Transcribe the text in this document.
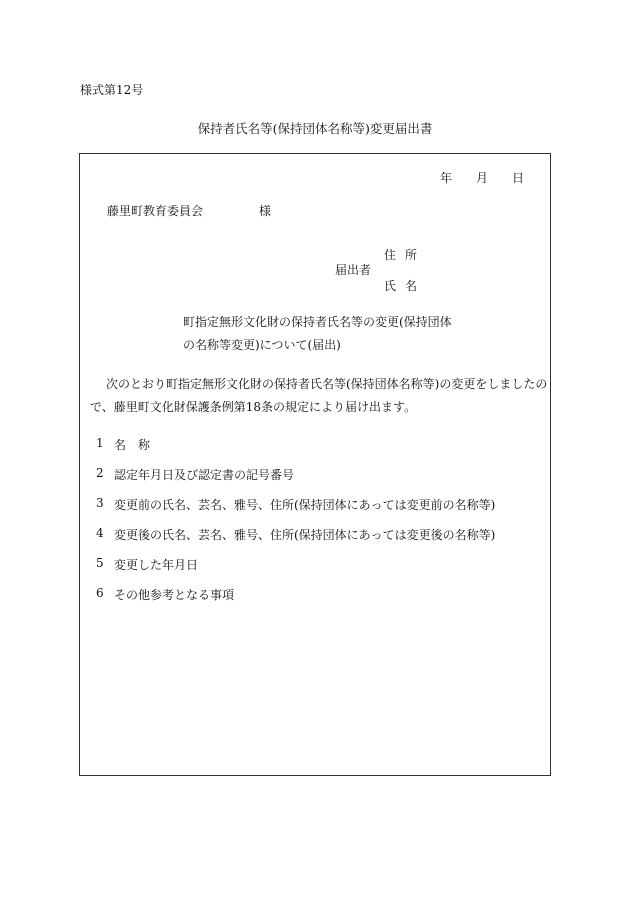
様式第12号
保持者氏名等(保持団体名称等)変更届出書
年 月 日
藤里町教育委員会	様
住 所
届出者
氏 名
町指定無形文化財の保持者氏名等の変更(保持団体
の名称等変更)について(届出)
次のとおり町指定無形文化財の保持者氏名等(保持団体名称等)の変更をしましたの
で、藤里町文化財保護条例第18条の規定により届け出ます。
1 名　称
2 認定年月日及び認定書の記号番号
3 変更前の氏名、芸名、雅号、住所(保持団体にあっては変更前の名称等)
4 変更後の氏名、芸名、雅号、住所(保持団体にあっては変更後の名称等)
5 変更した年月日
6 その他参考となる事項
